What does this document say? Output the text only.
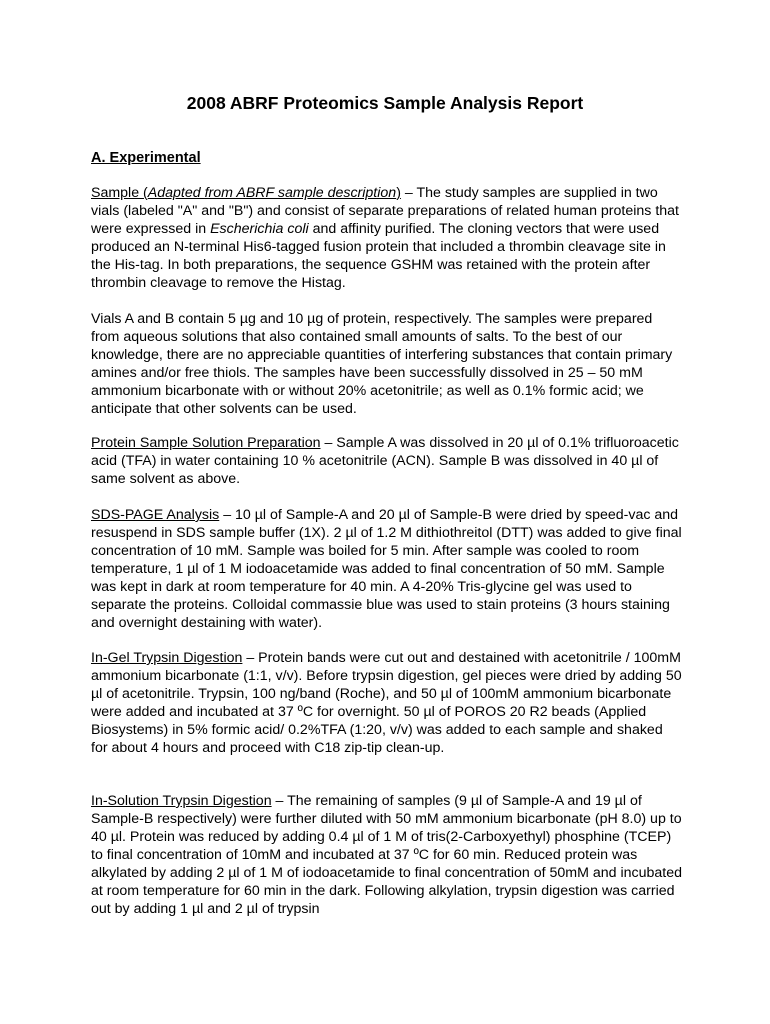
2008 ABRF Proteomics Sample Analysis Report
A. Experimental

Sample (Adapted from ABRF sample description) – The study samples are supplied in two vials (labeled "A" and "B") and consist of separate preparations of related human proteins that were expressed in Escherichia coli and affinity purified. The cloning vectors that were used produced an N-terminal His6-tagged fusion protein that included a thrombin cleavage site in the His-tag. In both preparations, the sequence GSHM was retained with the protein after thrombin cleavage to remove the Histag.

Vials A and B contain 5 µg and 10 µg of protein, respectively. The samples were prepared from aqueous solutions that also contained small amounts of salts. To the best of our knowledge, there are no appreciable quantities of interfering substances that contain primary amines and/or free thiols. The samples have been successfully dissolved in 25 – 50 mM ammonium bicarbonate with or without 20% acetonitrile; as well as 0.1% formic acid; we anticipate that other solvents can be used.

Protein Sample Solution Preparation – Sample A was dissolved in 20 µl of 0.1% trifluoroacetic acid (TFA) in water containing 10 % acetonitrile (ACN). Sample B was dissolved in 40 µl of same solvent as above.

SDS-PAGE Analysis – 10 µl of Sample-A and 20 µl of Sample-B were dried by speed-vac and resuspend in SDS sample buffer (1X). 2 µl of 1.2 M dithiothreitol (DTT) was added to give final concentration of 10 mM. Sample was boiled for 5 min. After sample was cooled to room temperature, 1 µl of 1 M iodoacetamide was added to final concentration of 50 mM. Sample was kept in dark at room temperature for 40 min. A 4-20% Tris-glycine gel was used to separate the proteins. Colloidal commassie blue was used to stain proteins (3 hours staining and overnight destaining with water).

In-Gel Trypsin Digestion – Protein bands were cut out and destained with acetonitrile / 100mM ammonium bicarbonate (1:1, v/v). Before trypsin digestion, gel pieces were dried by adding 50 µl of acetonitrile. Trypsin, 100 ng/band (Roche), and 50 µl of 100mM ammonium bicarbonate were added and incubated at 37 ºC for overnight. 50 µl of POROS 20 R2 beads (Applied Biosystems) in 5% formic acid/ 0.2%TFA (1:20, v/v) was added to each sample and shaked for about 4 hours and proceed with C18 zip-tip clean-up.

In-Solution Trypsin Digestion – The remaining of samples (9 µl of Sample-A and 19 µl of Sample-B respectively) were further diluted with 50 mM ammonium bicarbonate (pH 8.0) up to 40 µl. Protein was reduced by adding 0.4 µl of 1 M of tris(2-Carboxyethyl) phosphine (TCEP) to final concentration of 10mM and incubated at 37 ºC for 60 min. Reduced protein was alkylated by adding 2 µl of 1 M of iodoacetamide to final concentration of 50mM and incubated at room temperature for 60 min in the dark. Following alkylation, trypsin digestion was carried out by adding 1 µl and 2 µl of trypsin
